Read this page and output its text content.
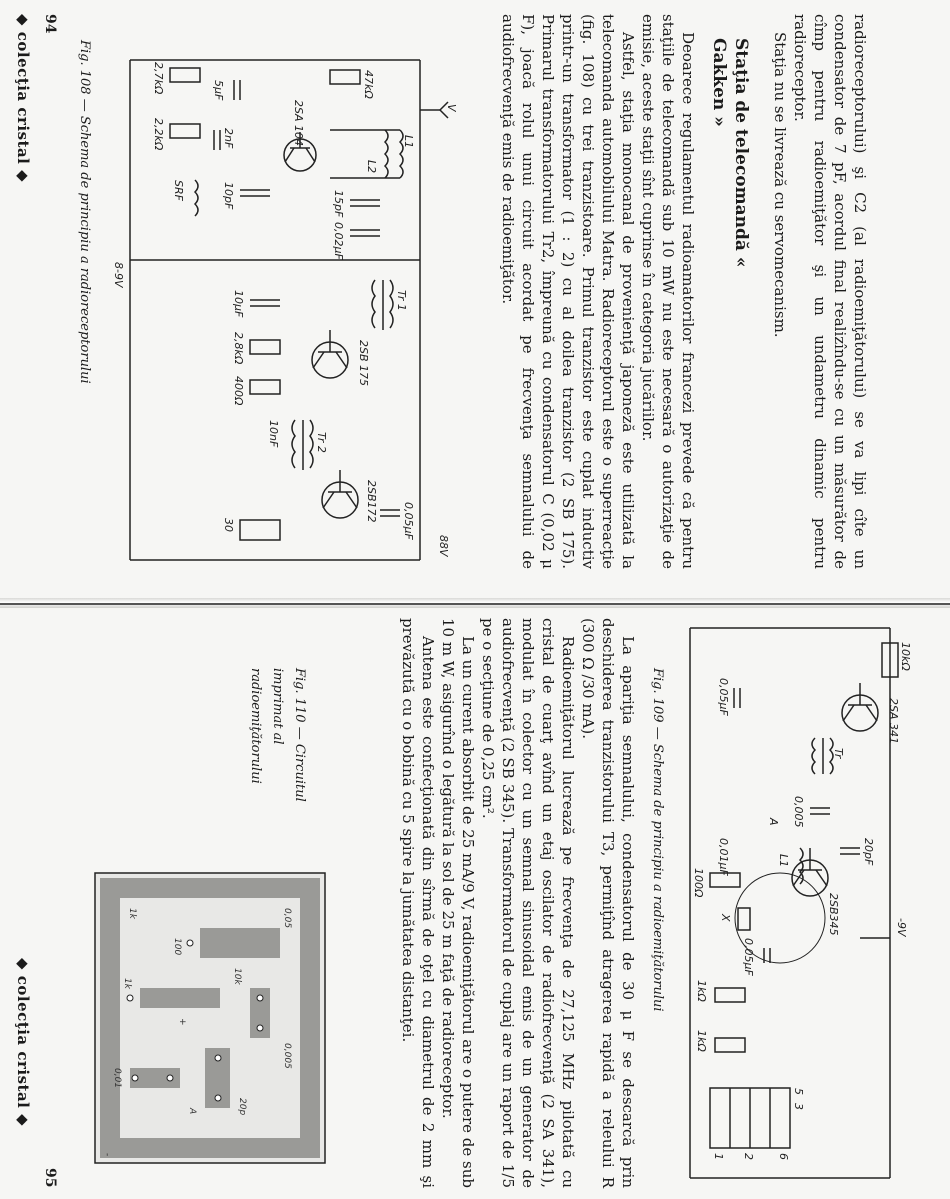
radioreceptorului) şi C2 (al radioemiţătorului) se va lipi cîte un condensator de 7 pF, acordul final realizîndu-se cu un măsurător de cîmp pentru radioemiţător şi un undametru dinamic pentru radioreceptor.

Staţia nu se livrează cu servomecanism.

Staţia de telecomandă « Gakken »

Deoarece regulamentul radioamatorilor francezi prevede că pentru staţiile de telecomandă sub 10 mW nu este necesară o autorizaţie de emisie, aceste staţii sînt cuprinse în categoria jucăriilor.

Astfel, staţia monocanal de provenienţă japoneză este utilizată la telecomanda automobilului Matra. Radioreceptorul este o superreacţie (fig. 108) cu trei tranzistoare. Primul tranzistor este cuplat inductiv printr-un transformator (1 : 2) cu al doilea tranzistor (2 SB 175). Primarul transformatorului Tr2, împreună cu condensatorul C (0,02 μ F), joacă rolul unui circuit acordat pe frecvenţa semnalului de audiofrecvenţă emis de radioemiţător.

47kΩ
L1
L2
15pF
0,02μF
2SA 104
10pF
SRF
2nF
2,7kΩ	5μF
2,2kΩ
V
8-9V
Tr 1
2SB 175
10μF
2,8kΩ
400Ω
Tr 2
2SB172
10nF
30	0,05μF
88V
Fig. 108 — Schema de principiu a radioreceptorului
94
◆ colecţia cristal ◆
10kΩ
2SA 341
0,05μF
Tr
0,005
20pF
A
-9V
L1
0,01μF
X	2SB345
100Ω
0,05μF
1kΩ
1kΩ
5
3
6
2
1
Fig. 109 — Schema de principiu a radioemiţătorului

La apariţia semnalului, condensatorul de 30 μ F se descarcă prin deschiderea tranzistorului T3, permiţînd atragerea rapidă a releului R (300 Ω /30 mA).

Radioemiţătorul lucrează pe frecvenţa de 27,125 MHz pilotată cu cristal de cuarţ avînd un etaj oscilator de radiofrecvenţă (2 SA 341), modulat în colector cu un semnal sinusoidal emis de un generator de audiofrecvenţă (2 SB 345). Transformatorul de cuplaj are un raport de 1/5 pe o secţiune de 0,25 cm².

La un curent absorbit de 25 mA/9 V, radioemiţătorul are o putere de sub 10 m W, asigurînd o legătură la sol de 25 m faţă de radioreceptor.

Antena este confecţionată din sîrmă de oţel cu diametrul de 2 mm şi prevăzută cu o bobină cu 5 spire la jumătatea distanţei.

Fig. 110 — Circuitul imprimat al radioemiţătorului
0,05
10k
0,005
20p
100
1k
1k
0,01
A
+
-
◆ colecţia cristal ◆
95
